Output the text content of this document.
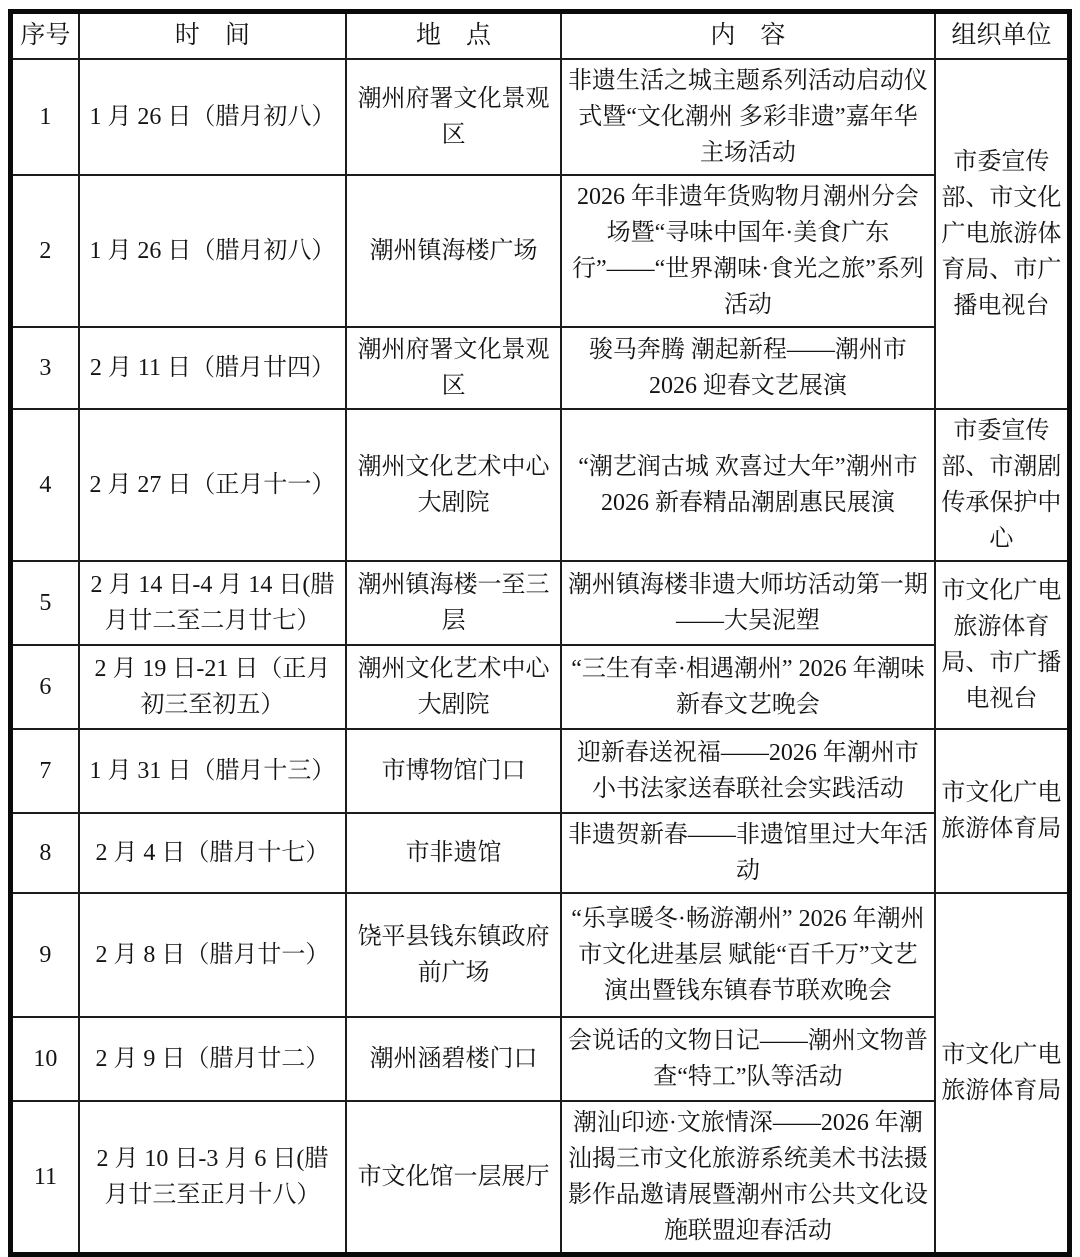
序号	时　间	地　点	内　容	组织单位
1	1 月 26 日（腊月初八）	潮州府署文化景观区	非遗生活之城主题系列活动启动仪式暨“文化潮州 多彩非遗”嘉年华主场活动	市委宣传部、市文化广电旅游体育局、市广播电视台
2	1 月 26 日（腊月初八）	潮州镇海楼广场	2026 年非遗年货购物月潮州分会场暨“寻味中国年·美食广东行”——“世界潮味·食光之旅”系列活动	
3	2 月 11 日（腊月廿四）	潮州府署文化景观区	骏马奔腾 潮起新程——潮州市 2026 迎春文艺展演	
4	2 月 27 日（正月十一）	潮州文化艺术中心大剧院	“潮艺润古城 欢喜过大年”潮州市 2026 新春精品潮剧惠民展演	市委宣传部、市潮剧传承保护中心
5	2 月 14 日-4 月 14 日(腊月廿二至二月廿七）	潮州镇海楼一至三层	潮州镇海楼非遗大师坊活动第一期——大吴泥塑	市文化广电旅游体育局、市广播电视台
6	2 月 19 日-21 日（正月初三至初五）	潮州文化艺术中心大剧院	“三生有幸·相遇潮州” 2026 年潮味新春文艺晚会	
7	1 月 31 日（腊月十三）	市博物馆门口	迎新春送祝福——2026 年潮州市小书法家送春联社会实践活动	市文化广电旅游体育局
8	2 月 4 日（腊月十七）	市非遗馆	非遗贺新春——非遗馆里过大年活动	
9	2 月 8 日（腊月廿一）	饶平县钱东镇政府前广场	“乐享暖冬·畅游潮州” 2026 年潮州市文化进基层 赋能“百千万”文艺演出暨钱东镇春节联欢晚会	市文化广电旅游体育局
10	2 月 9 日（腊月廿二）	潮州涵碧楼门口	会说话的文物日记——潮州文物普查“特工”队等活动	
11	2 月 10 日-3 月 6 日(腊月廿三至正月十八）	市文化馆一层展厅	潮汕印迹·文旅情深——2026 年潮汕揭三市文化旅游系统美术书法摄影作品邀请展暨潮州市公共文化设施联盟迎春活动	
